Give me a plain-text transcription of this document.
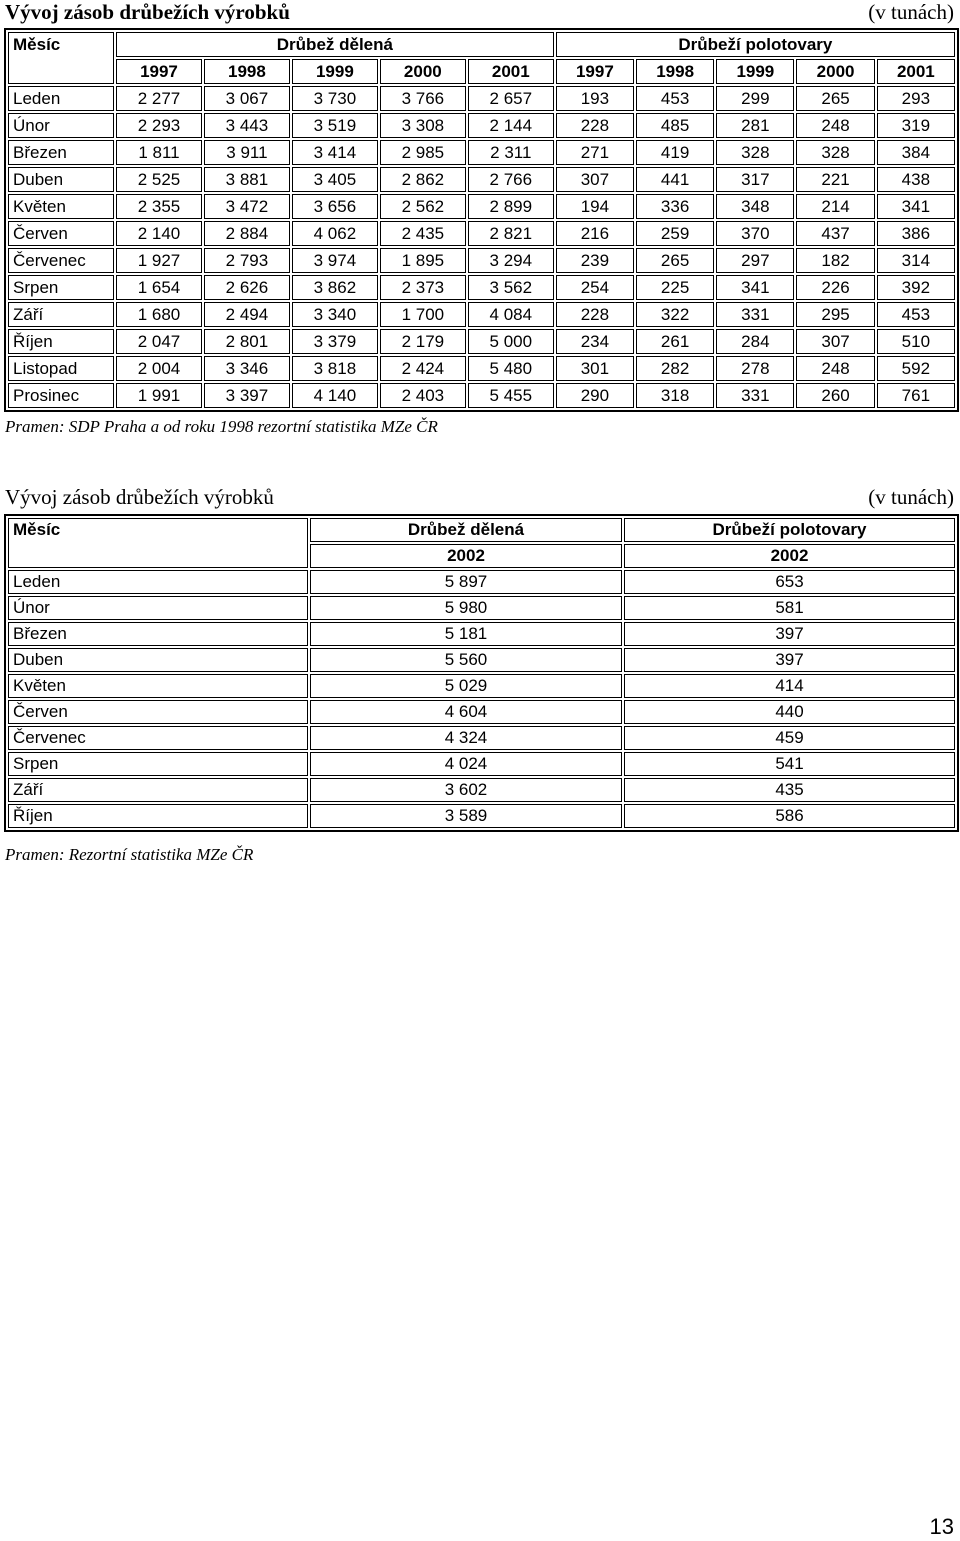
Vývoj zásob drůbežích výrobků	(v tunách)
Měsíc	Drůbež dělená					Drůbeží polotovary				
	1997	1998	1999	2000	2001	1997	1998	1999	2000	2001
Leden	2 277	3 067	3 730	3 766	2 657	193	453	299	265	293
Únor	2 293	3 443	3 519	3 308	2 144	228	485	281	248	319
Březen	1 811	3 911	3 414	2 985	2 311	271	419	328	328	384
Duben	2 525	3 881	3 405	2 862	2 766	307	441	317	221	438
Květen	2 355	3 472	3 656	2 562	2 899	194	336	348	214	341
Červen	2 140	2 884	4 062	2 435	2 821	216	259	370	437	386
Červenec	1 927	2 793	3 974	1 895	3 294	239	265	297	182	314
Srpen	1 654	2 626	3 862	2 373	3 562	254	225	341	226	392
Září	1 680	2 494	3 340	1 700	4 084	228	322	331	295	453
Říjen	2 047	2 801	3 379	2 179	5 000	234	261	284	307	510
Listopad	2 004	3 346	3 818	2 424	5 480	301	282	278	248	592
Prosinec	1 991	3 397	4 140	2 403	5 455	290	318	331	260	761
Pramen: SDP Praha a od roku 1998 rezortní statistika MZe ČR
Vývoj zásob drůbežích výrobků	(v tunách)
Měsíc	Drůbež dělená	Drůbeží polotovary
	2002	2002
Leden	5 897	653
Únor	5 980	581
Březen	5 181	397
Duben	5 560	397
Květen	5 029	414
Červen	4 604	440
Červenec	4 324	459
Srpen	4 024	541
Září	3 602	435
Říjen	3 589	586
Pramen: Rezortní statistika MZe ČR
13
